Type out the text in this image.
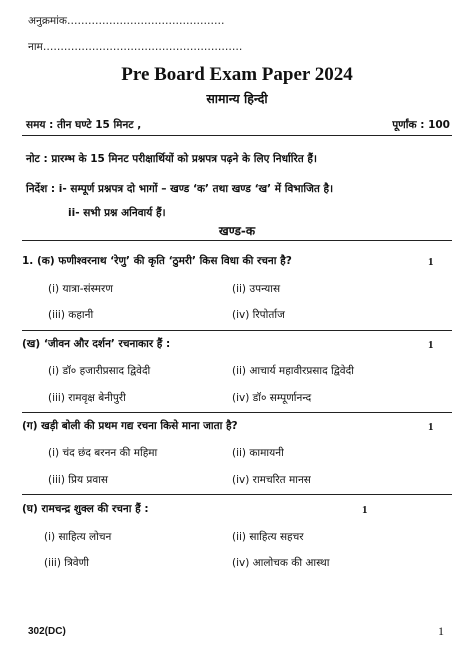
अनुक्रमांक………………………………………
नाम…………………………………………………
Pre Board Exam Paper 2024
सामान्य हिन्दी
समय : तीन घण्टे 15 मिनट ,	पूर्णांक : 100
नोट : प्रारम्भ के 15 मिनट परीक्षार्थियों को प्रश्नपत्र पढ़ने के लिए निर्धारित हैं।
निर्देश : i- सम्पूर्ण प्रश्नपत्र दो भागों – खण्ड ‘क’ तथा खण्ड ‘ख’ में विभाजित है।
ii- सभी प्रश्न अनिवार्य हैं।
खण्ड-क
1. (क) फणीश्वरनाथ ‘रेणु’ की कृति ‘ठुमरी’ किस विधा की रचना है?	1
(i) यात्रा-संस्मरण	(ii) उपन्यास
(iii) कहानी	(iv) रिपोर्ताज
(ख) ‘जीवन और दर्शन’ रचनाकार हैं :	1
(i) डॉ० हजारीप्रसाद द्विवेदी	(ii) आचार्य महावीरप्रसाद द्विवेदी
(iii) रामवृक्ष बेनीपुरी	(iv) डॉ० सम्पूर्णानन्द
(ग) खड़ी बोली की प्रथम गद्य रचना किसे माना जाता है?	1
(i) चंद छंद बरनन की महिमा	(ii) कामायनी
(iii) प्रिय प्रवास	(iv) रामचरित मानस
(घ) रामचन्द्र शुक्ल की रचना हैं :	1
(i) साहित्य लोचन	(ii) साहित्य सहचर
(iii) त्रिवेणी	(iv) आलोचक की आस्था
302(DC)	1
